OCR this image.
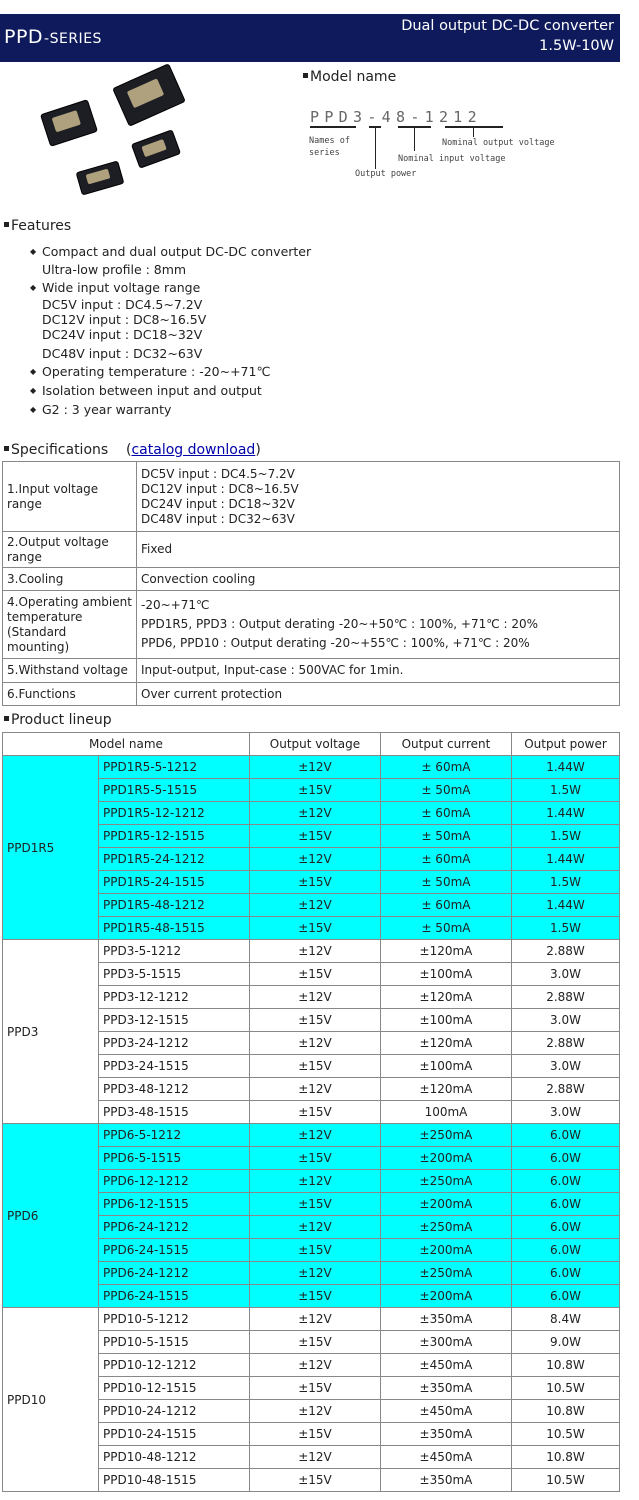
PPD-SERIES
Dual output DC-DC converter
1.5W-10W
Model name
PPD3-48-1212
Names of
series
Output power
Nominal input voltage
Nominal output voltage
Features
◆ Compact and dual output DC-DC converter
Ultra-low profile : 8mm
◆ Wide input voltage range
DC5V input : DC4.5~7.2V
DC12V input : DC8~16.5V
DC24V input : DC18~32V
DC48V input : DC32~63V
◆ Operating temperature : -20~+71℃
◆ Isolation between input and output
◆ G2 : 3 year warranty
Specifications (catalog download)
1.Input voltage range	DC5V input : DC4.5~7.2V
DC12V input : DC8~16.5V
DC24V input : DC18~32V
DC48V input : DC32~63V

2.Output voltage range	Fixed
3.Cooling	Convection cooling
4.Operating ambient temperature (Standard mounting)	-20~+71℃
PPD1R5, PPD3 : Output derating -20~+50℃ : 100%, +71℃ : 20%
PPD6, PPD10 : Output derating -20~+55℃ : 100%, +71℃ : 20%

5.Withstand voltage	Input-output, Input-case : 500VAC for 1min.
6.Functions	Over current protection
Product lineup
Model name		Output voltage	Output current	Output power
PPD1R5	PPD1R5-5-1212	±12V	± 60mA	1.44W
	PPD1R5-5-1515	±15V	± 50mA	1.5W
	PPD1R5-12-1212	±12V	± 60mA	1.44W
	PPD1R5-12-1515	±15V	± 50mA	1.5W
	PPD1R5-24-1212	±12V	± 60mA	1.44W
	PPD1R5-24-1515	±15V	± 50mA	1.5W
	PPD1R5-48-1212	±12V	± 60mA	1.44W
	PPD1R5-48-1515	±15V	± 50mA	1.5W
PPD3	PPD3-5-1212	±12V	±120mA	2.88W
	PPD3-5-1515	±15V	±100mA	3.0W
	PPD3-12-1212	±12V	±120mA	2.88W
	PPD3-12-1515	±15V	±100mA	3.0W
	PPD3-24-1212	±12V	±120mA	2.88W
	PPD3-24-1515	±15V	±100mA	3.0W
	PPD3-48-1212	±12V	±120mA	2.88W
	PPD3-48-1515	±15V	100mA	3.0W
PPD6	PPD6-5-1212	±12V	±250mA	6.0W
	PPD6-5-1515	±15V	±200mA	6.0W
	PPD6-12-1212	±12V	±250mA	6.0W
	PPD6-12-1515	±15V	±200mA	6.0W
	PPD6-24-1212	±12V	±250mA	6.0W
	PPD6-24-1515	±15V	±200mA	6.0W
	PPD6-24-1212	±12V	±250mA	6.0W
	PPD6-24-1515	±15V	±200mA	6.0W
PPD10	PPD10-5-1212	±12V	±350mA	8.4W
	PPD10-5-1515	±15V	±300mA	9.0W
	PPD10-12-1212	±12V	±450mA	10.8W
	PPD10-12-1515	±15V	±350mA	10.5W
	PPD10-24-1212	±12V	±450mA	10.8W
	PPD10-24-1515	±15V	±350mA	10.5W
	PPD10-48-1212	±12V	±450mA	10.8W
	PPD10-48-1515	±15V	±350mA	10.5W
